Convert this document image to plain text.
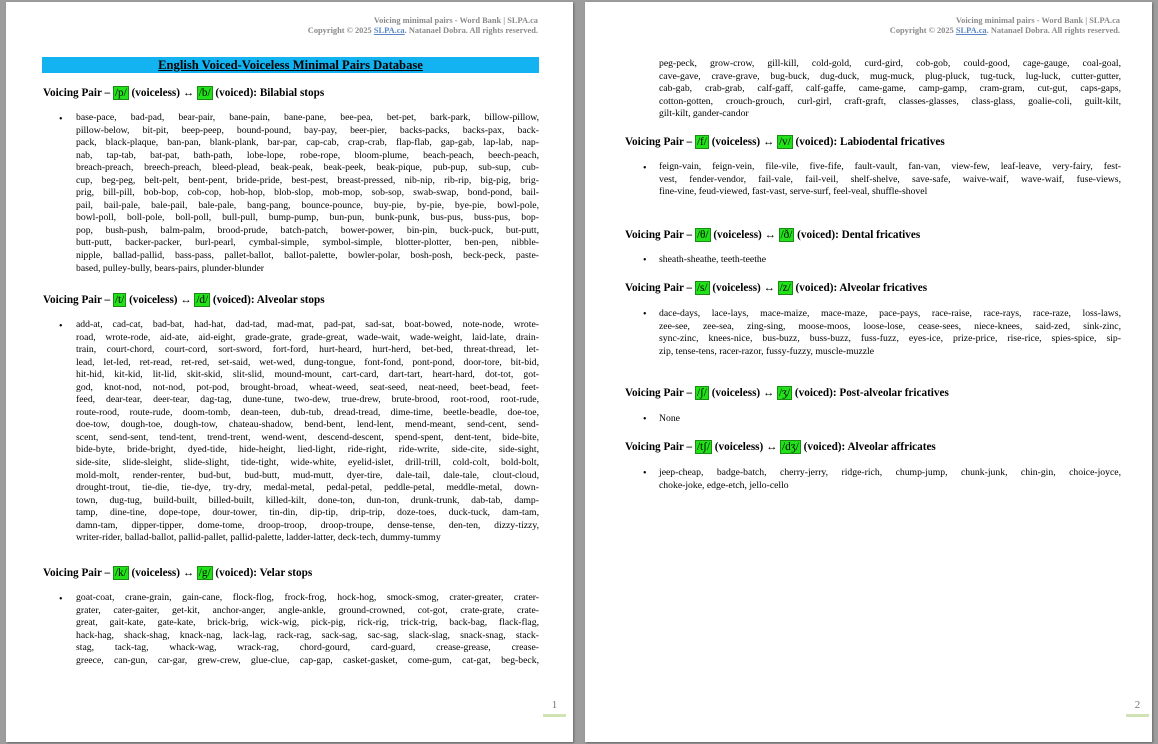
Voicing minimal pairs - Word Bank | SLPA.ca
Copyright © 2025 SLPA.ca. Natanael Dobra. All rights reserved.
English Voiced-Voiceless Minimal Pairs Database
Voicing Pair – /p/ (voiceless) ↔ /b/ (voiced): Bilabial stops
• base-pace, bad-pad, bear-pair, bane-pain, bane-pane, bee-pea, bet-pet, bark-park, billow-pillow,
pillow-below, bit-pit, beep-peep, bound-pound, bay-pay, beer-pier, backs-packs, backs-pax, back-
pack, black-plaque, ban-pan, blank-plank, bar-par, cap-cab, crap-crab, flap-flab, gap-gab, lap-lab, nap-
nab, tap-tab, bat-pat, bath-path, lobe-lope, robe-rope, bloom-plume, beach-peach, beech-peach,
breach-preach, breech-preach, bleed-plead, beak-peak, beak-peek, beak-pique, pub-pup, sub-sup, cub-
cup, beg-peg, belt-pelt, bent-pent, bride-pride, best-pest, breast-pressed, nib-nip, rib-rip, big-pig, brig-
prig, bill-pill, bob-bop, cob-cop, hob-hop, blob-slop, mob-mop, sob-sop, swab-swap, bond-pond, bail-
pail, bail-pale, bale-pail, bale-pale, bang-pang, bounce-pounce, buy-pie, by-pie, bye-pie, bowl-pole,
bowl-poll, boll-pole, boll-poll, bull-pull, bump-pump, bun-pun, bunk-punk, bus-pus, buss-pus, bop-
pop, bush-push, balm-palm, brood-prude, batch-patch, bower-power, bin-pin, buck-puck, but-putt,
butt-putt, backer-packer, burl-pearl, cymbal-simple, symbol-simple, blotter-plotter, ben-pen, nibble-
nipple, ballad-pallid, bass-pass, pallet-ballot, ballot-palette, bowler-polar, bosh-posh, beck-peck, paste-
based, pulley-bully, bears-pairs, plunder-blunder
Voicing Pair – /t/ (voiceless) ↔ /d/ (voiced): Alveolar stops
• add-at, cad-cat, bad-bat, had-hat, dad-tad, mad-mat, pad-pat, sad-sat, boat-bowed, note-node, wrote-
road, wrote-rode, aid-ate, aid-eight, grade-grate, grade-great, wade-wait, wade-weight, laid-late, drain-
train, court-chord, court-cord, sort-sword, fort-ford, hurt-heard, hurt-herd, bet-bed, threat-thread, let-
lead, let-led, ret-read, ret-red, set-said, wet-wed, dung-tongue, font-fond, pont-pond, door-tore, bit-bid,
hit-hid, kit-kid, lit-lid, skit-skid, slit-slid, mound-mount, cart-card, dart-tart, heart-hard, dot-tot, got-
god, knot-nod, not-nod, pot-pod, brought-broad, wheat-weed, seat-seed, neat-need, beet-bead, feet-
feed, dear-tear, deer-tear, dag-tag, dune-tune, two-dew, true-drew, brute-brood, root-rood, root-rude,
route-rood, route-rude, doom-tomb, dean-teen, dub-tub, dread-tread, dime-time, beetle-beadle, doe-toe,
doe-tow, dough-toe, dough-tow, chateau-shadow, bend-bent, lend-lent, mend-meant, send-cent, send-
scent, send-sent, tend-tent, trend-trent, wend-went, descend-descent, spend-spent, dent-tent, bide-bite,
bide-byte, bride-bright, dyed-tide, hide-height, lied-light, ride-right, ride-write, side-cite, side-sight,
side-site, slide-sleight, slide-slight, tide-tight, wide-white, eyelid-islet, drill-trill, cold-colt, bold-bolt,
mold-molt, render-renter, bud-but, bud-butt, mud-mutt, dyer-tire, dale-tail, dale-tale, clout-cloud,
drought-trout, tie-die, tie-dye, try-dry, medal-metal, pedal-petal, peddle-petal, meddle-metal, down-
town, dug-tug, build-built, billed-built, killed-kilt, done-ton, dun-ton, drunk-trunk, dab-tab, damp-
tamp, dine-tine, dope-tope, dour-tower, tin-din, dip-tip, drip-trip, doze-toes, duck-tuck, dam-tam,
damn-tam, dipper-tipper, dome-tome, droop-troop, droop-troupe, dense-tense, den-ten, dizzy-tizzy,
writer-rider, ballad-ballot, pallid-pallet, pallid-palette, ladder-latter, deck-tech, dummy-tummy
Voicing Pair – /k/ (voiceless) ↔ /g/ (voiced): Velar stops
• goat-coat, crane-grain, gain-cane, flock-flog, frock-frog, hock-hog, smock-smog, crater-greater, crater-
grater, cater-gaiter, get-kit, anchor-anger, angle-ankle, ground-crowned, cot-got, crate-grate, crate-
great, gait-kate, gate-kate, brick-brig, wick-wig, pick-pig, rick-rig, trick-trig, back-bag, flack-flag,
hack-hag, shack-shag, knack-nag, lack-lag, rack-rag, sack-sag, sac-sag, slack-slag, snack-snag, stack-
stag, tack-tag, whack-wag, wrack-rag, chord-gourd, card-guard, crease-grease, crease-
greece, can-gun, car-gar, grew-crew, glue-clue, cap-gap, casket-gasket, come-gum, cat-gat, beg-beck,
1
Voicing minimal pairs - Word Bank | SLPA.ca
Copyright © 2025 SLPA.ca. Natanael Dobra. All rights reserved.
peg-peck, grow-crow, gill-kill, cold-gold, curd-gird, cob-gob, could-good, cage-gauge, coal-goal,
cave-gave, crave-grave, bug-buck, dug-duck, mug-muck, plug-pluck, tug-tuck, lug-luck, cutter-gutter,
cab-gab, crab-grab, calf-gaff, calf-gaffe, came-game, camp-gamp, cram-gram, cut-gut, caps-gaps,
cotton-gotten, crouch-grouch, curl-girl, craft-graft, classes-glasses, class-glass, goalie-coli, guilt-kilt,
gilt-kilt, gander-candor
Voicing Pair – /f/ (voiceless) ↔ /v/ (voiced): Labiodental fricatives
• feign-vain, feign-vein, file-vile, five-fife, fault-vault, fan-van, view-few, leaf-leave, very-fairy, fest-
vest, fender-vendor, fail-vale, fail-veil, shelf-shelve, save-safe, waive-waif, wave-waif, fuse-views,
fine-vine, feud-viewed, fast-vast, serve-surf, feel-veal, shuffle-shovel
Voicing Pair – /θ/ (voiceless) ↔ /ð/ (voiced): Dental fricatives
• sheath-sheathe, teeth-teethe
Voicing Pair – /s/ (voiceless) ↔ /z/ (voiced): Alveolar fricatives
• dace-days, lace-lays, mace-maize, mace-maze, pace-pays, race-raise, race-rays, race-raze, loss-laws,
zee-see, zee-sea, zing-sing, moose-moos, loose-lose, cease-sees, niece-knees, said-zed, sink-zinc,
sync-zinc, knees-nice, bus-buzz, buss-buzz, fuss-fuzz, eyes-ice, prize-price, rise-rice, spies-spice, sip-
zip, tense-tens, racer-razor, fussy-fuzzy, muscle-muzzle
Voicing Pair – /ʃ/ (voiceless) ↔ /ʒ/ (voiced): Post-alveolar fricatives
• None
Voicing Pair – /tʃ/ (voiceless) ↔ /dʒ/ (voiced): Alveolar affricates
• jeep-cheap, badge-batch, cherry-jerry, ridge-rich, chump-jump, chunk-junk, chin-gin, choice-joyce,
choke-joke, edge-etch, jello-cello
2
